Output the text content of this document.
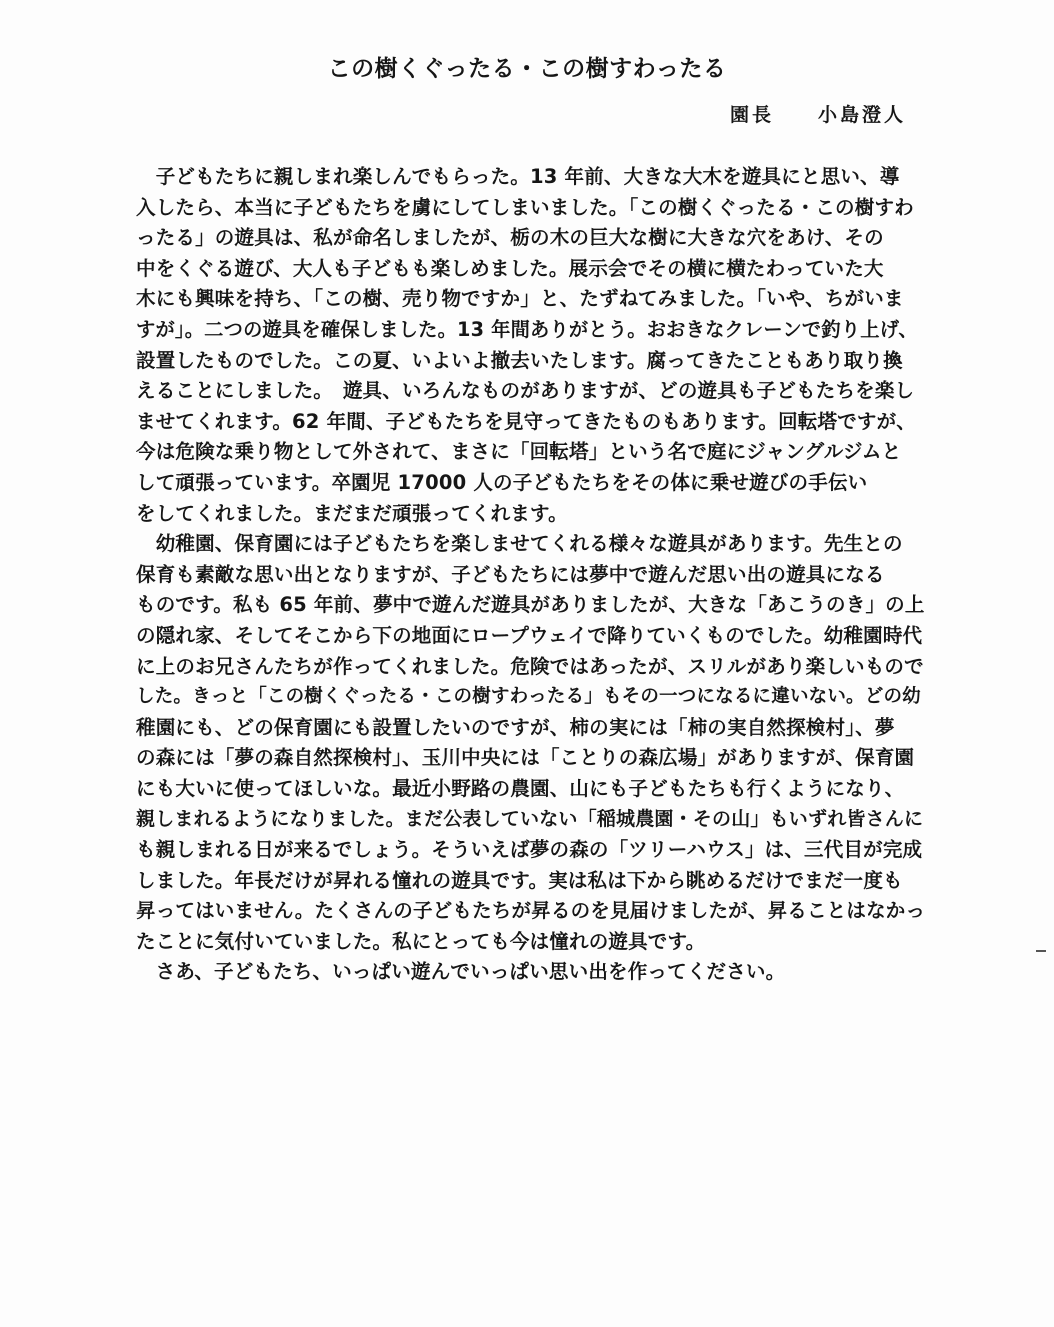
この樹くぐったる・この樹すわったる
園長　　小島澄人
　子どもたちに親しまれ楽しんでもらった。13 年前、大きな大木を遊具にと思い、導
入したら、本当に子どもたちを虜にしてしまいました。「この樹くぐったる・この樹すわ
ったる」の遊具は、私が命名しましたが、栃の木の巨大な樹に大きな穴をあけ、その
中をくぐる遊び、大人も子どもも楽しめました。展示会でその横に横たわっていた大
木にも興味を持ち、「この樹、売り物ですか」と、たずねてみました。「いや、ちがいま
すが」。二つの遊具を確保しました。13 年間ありがとう。おおきなクレーンで釣り上げ、
設置したものでした。この夏、いよいよ撤去いたします。腐ってきたこともあり取り換
えることにしました。　遊具、いろんなものがありますが、どの遊具も子どもたちを楽し
ませてくれます。62 年間、子どもたちを見守ってきたものもあります。回転塔ですが、
今は危険な乗り物として外されて、まさに「回転塔」という名で庭にジャングルジムと
して頑張っています。卒園児 17000 人の子どもたちをその体に乗せ遊びの手伝い
をしてくれました。まだまだ頑張ってくれます。
　幼稚園、保育園には子どもたちを楽しませてくれる様々な遊具があります。先生との
保育も素敵な思い出となりますが、子どもたちには夢中で遊んだ思い出の遊具になる
ものです。私も 65 年前、夢中で遊んだ遊具がありましたが、大きな「あこうのき」の上
の隠れ家、そしてそこから下の地面にロープウェイで降りていくものでした。幼稚園時代
に上のお兄さんたちが作ってくれました。危険ではあったが、スリルがあり楽しいもので
した。きっと「この樹くぐったる・この樹すわったる」もその一つになるに違いない。どの幼
稚園にも、どの保育園にも設置したいのですが、柿の実には「柿の実自然探検村」、夢
の森には「夢の森自然探検村」、玉川中央には「ことりの森広場」がありますが、保育園
にも大いに使ってほしいな。最近小野路の農園、山にも子どもたちも行くようになり、
親しまれるようになりました。まだ公表していない「稲城農園・その山」もいずれ皆さんに
も親しまれる日が来るでしょう。そういえば夢の森の「ツリーハウス」は、三代目が完成
しました。年長だけが昇れる憧れの遊具です。実は私は下から眺めるだけでまだ一度も
昇ってはいません。たくさんの子どもたちが昇るのを見届けましたが、昇ることはなかっ
たことに気付いていました。私にとっても今は憧れの遊具です。
　さあ、子どもたち、いっぱい遊んでいっぱい思い出を作ってください。
